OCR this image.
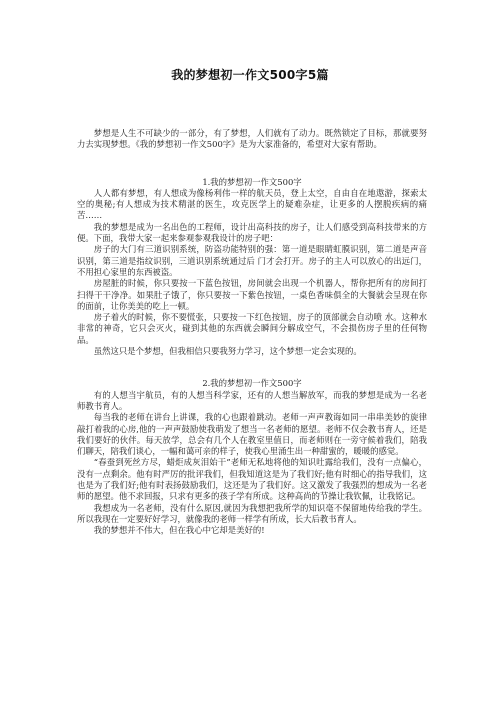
我的梦想初一作文500字5篇

梦想是人生不可缺少的一部分，有了梦想，人们就有了动力。既然锁定了目标，那就要努力去实现梦想。《我的梦想初一作文500字》是为大家准备的，希望对大家有帮助。

1.我的梦想初一作文500字

人人都有梦想，有人想成为像杨利伟一样的航天员，登上太空，自由自在地遨游，探索太空的奥秘;有人想成为技术精湛的医生，攻克医学上的疑难杂症，让更多的人摆脱疾病的痛苦……

我的梦想是成为一名出色的工程师，设计出高科技的房子，让人们感受到高科技带来的方便。下面，我带大家一起来参观参观我设计的房子吧：

房子的大门有三道识别系统，防盗功能特别的强：第一道是眼睛虹膜识别，第二道是声音识别，第三道是指纹识别，三道识别系统通过后 门才会打开。房子的主人可以放心的出远门，不用担心家里的东西被盗。

房屋脏的时候，你只要按一下蓝色按钮，房间就会出现一个机器人，帮你把所有的房间打扫得干干净净。如果肚子饿了，你只要按一下紫色按钮，一桌色香味俱全的大餐就会呈现在你的面前，让你美美的吃上一顿。

房子着火的时候，你不要慌张，只要按一下红色按钮，房子的顶部就会自动喷 水。这种水非常的神奇，它只会灭火，碰到其他的东西就会瞬间分解成空气，不会损伤房子里的任何物品。

虽然这只是个梦想，但我相信只要我努力学习，这个梦想一定会实现的。

2.我的梦想初一作文500字

有的人想当宇航员，有的人想当科学家，还有的人想当解放军，而我的梦想是成为一名老师教书育人。

每当我的老师在讲台上讲课，我的心也跟着跳动。老师一声声教诲如同一串串美妙的旋律敲打着我的心房,他的一声声鼓励使我萌发了想当一名老师的愿望。老师不仅会教书育人，还是我们要好的伙伴。每天放学，总会有几个人在教室里值日，而老师则在一旁守候着我们，陪我们聊天，陪我们谈心，一幅和蔼可亲的样子，使我心里涌生出一种甜蜜的，暖暖的感觉。

“春蚕到死丝方尽，蜡炬成灰泪始干”老师无私地将他的知识吐露给我们，没有一点偏心，没有一点剩余。他有时严厉的批评我们，但我知道这是为了我们好;他有时细心的指导我们，这也是为了我们好;他有时表扬鼓励我们，这还是为了我们好。这又激发了我强烈的想成为一名老师的愿望。他不求回报，只求有更多的孩子学有所成。这种高尚的节操让我钦佩，让我铭记。

我想成为一名老师，没有什么原因,就因为我想把我所学的知识毫不保留地传给我的学生。所以我现在一定要好好学习，就像我的老师一样学有所成，长大后教书育人。

我的梦想并不伟大，但在我心中它却是美好的!
